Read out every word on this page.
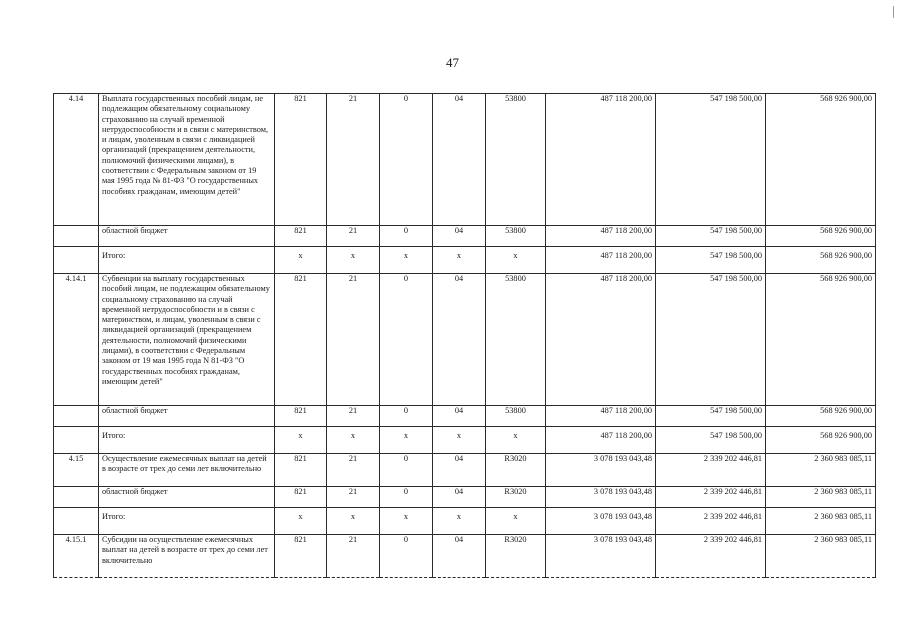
47
4.14	Выплата государственных пособий лицам, не подлежащим обязательному социальному страхованию на случай временной нетрудоспособности и в связи с материнством, и лицам, уволенным в связи с ликвидацией организаций (прекращением деятельности, полномочий физическими лицами), в соответствии с Федеральным законом от 19 мая 1995 года № 81-ФЗ "О государственных пособиях гражданам, имеющим детей"	821	21	0	04	53800	487 118 200,00	547 198 500,00	568 926 900,00
	областной бюджет	821	21	0	04	53800	487 118 200,00	547 198 500,00	568 926 900,00
	Итого:	x	x	x	x	x	487 118 200,00	547 198 500,00	568 926 900,00
4.14.1	Субвенции на выплату государственных пособий лицам, не подлежащим обязательному социальному страхованию на случай временной нетрудоспособности и в связи с материнством, и лицам, уволенным в связи с ликвидацией организаций (прекращением деятельности, полномочий физическими лицами), в соответствии с Федеральным законом от 19 мая 1995 года N 81-ФЗ "О государственных пособиях гражданам, имеющим детей"	821	21	0	04	53800	487 118 200,00	547 198 500,00	568 926 900,00
	областной бюджет	821	21	0	04	53800	487 118 200,00	547 198 500,00	568 926 900,00
	Итого:	x	x	x	x	x	487 118 200,00	547 198 500,00	568 926 900,00
4.15	Осуществление ежемесячных выплат на детей в возрасте от трех до семи лет включительно	821	21	0	04	R3020	3 078 193 043,48	2 339 202 446,81	2 360 983 085,11
	областной бюджет	821	21	0	04	R3020	3 078 193 043,48	2 339 202 446,81	2 360 983 085,11
	Итого:	x	x	x	x	x	3 078 193 043,48	2 339 202 446,81	2 360 983 085,11
4.15.1	Субсидии на осуществление ежемесячных выплат на детей в возрасте от трех до семи лет включительно	821	21	0	04	R3020	3 078 193 043,48	2 339 202 446,81	2 360 983 085,11
